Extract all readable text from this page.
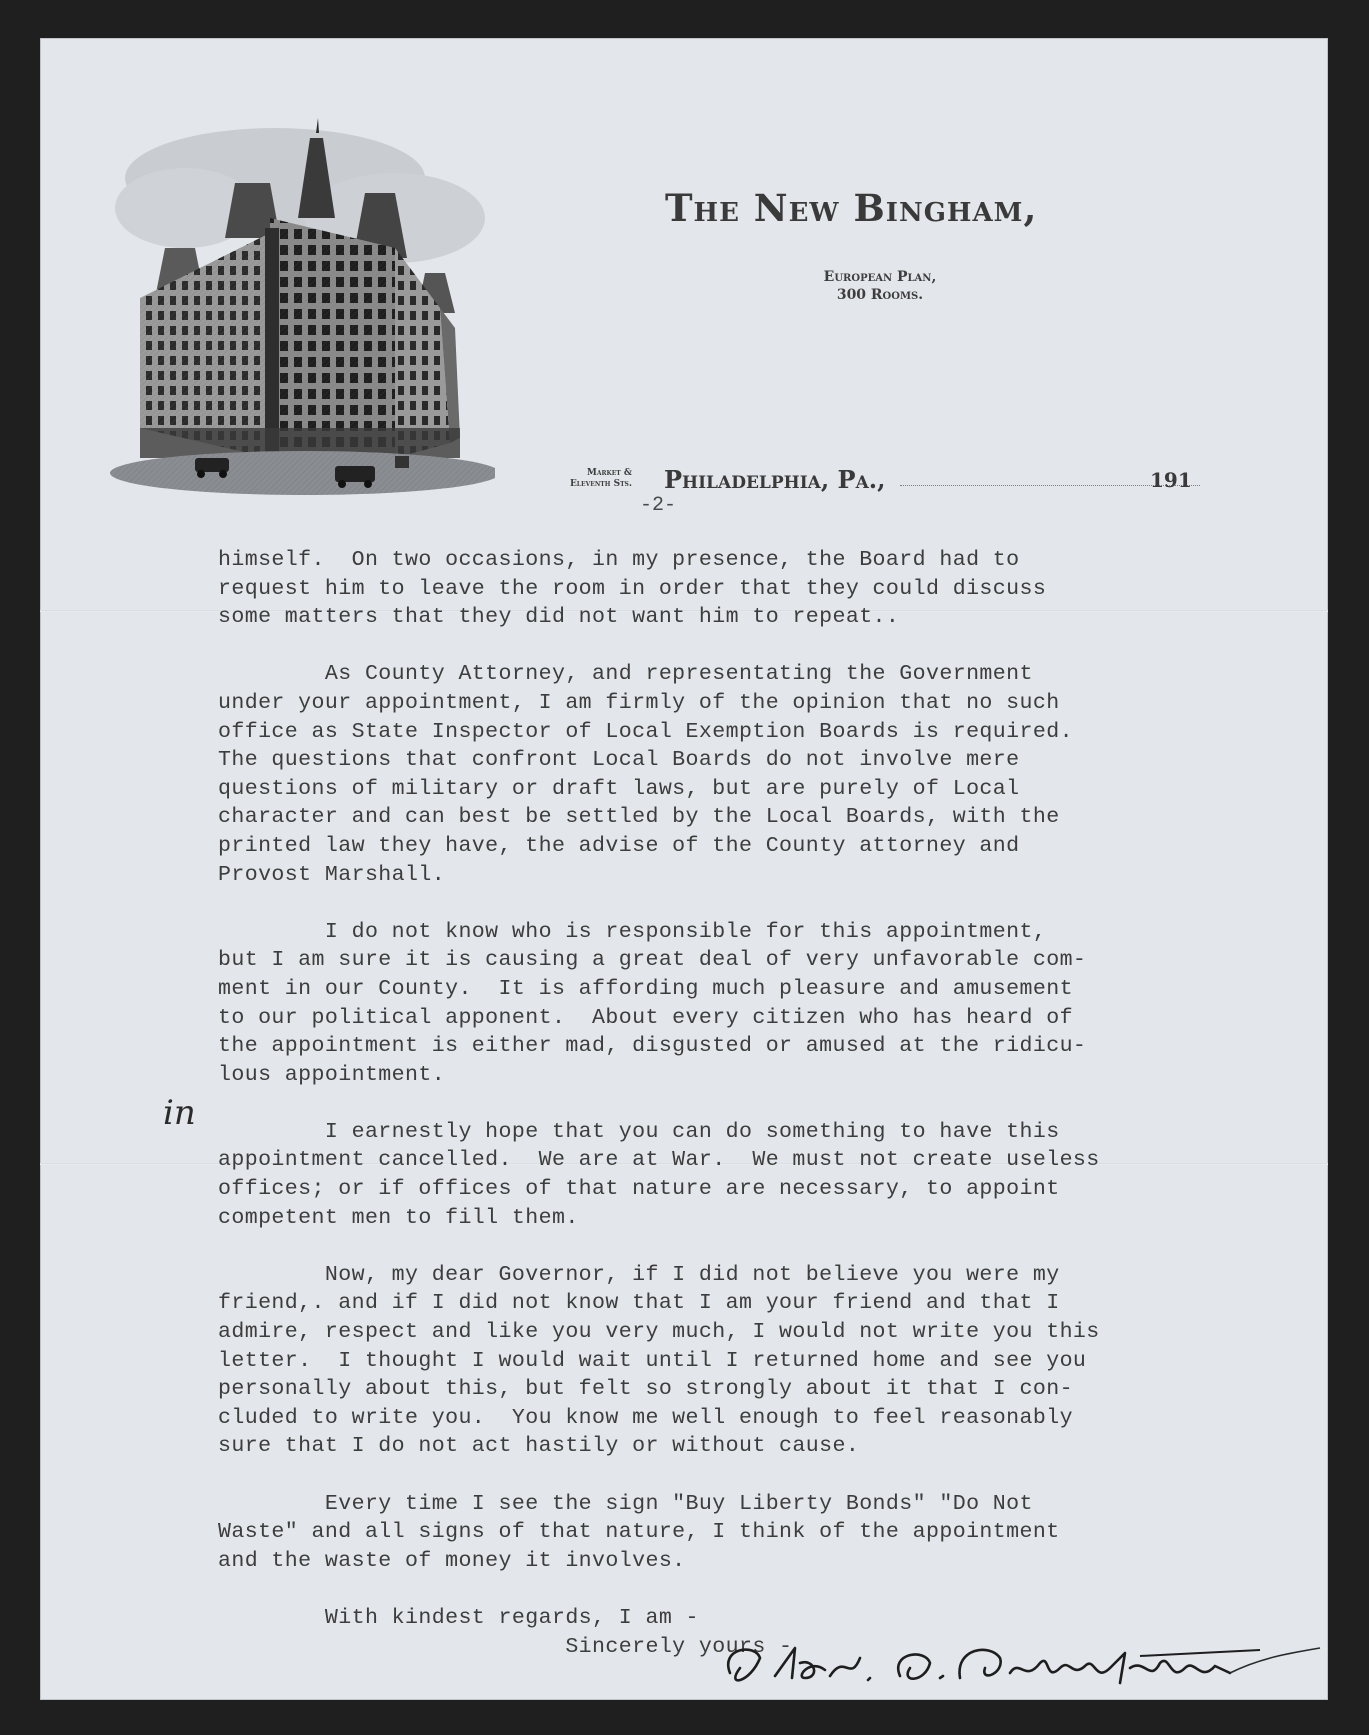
The New Bingham,
European Plan,
300 Rooms.
Market &
Eleventh Sts. Philadelphia, Pa.,	191
-2-
himself.  On two occasions, in my presence, the Board had to
request him to leave the room in order that they could discuss
some matters that they did not want him to repeat..
As County Attorney, and representating the Government
under your appointment, I am firmly of the opinion that no such
office as State Inspector of Local Exemption Boards is required.
The questions that confront Local Boards do not involve mere
questions of military or draft laws, but are purely of Local
character and can best be settled by the Local Boards, with the
printed law they have, the advise of the County attorney and
Provost Marshall.
I do not know who is responsible for this appointment,
but I am sure it is causing a great deal of very unfavorable com-
ment in our County.  It is affording much pleasure and amusement
to our political apponent.  About every citizen who has heard of
the appointment is either mad, disgusted or amused at the ridicu-
lous appointment.
I earnestly hope that you can do something to have this
appointment cancelled.  We are at War.  We must not create useless
offices; or if offices of that nature are necessary, to appoint
competent men to fill them.
Now, my dear Governor, if I did not believe you were my
friend,. and if I did not know that I am your friend and that I
admire, respect and like you very much, I would not write you this
letter.  I thought I would wait until I returned home and see you
personally about this, but felt so strongly about it that I con-
cluded to write you.  You know me well enough to feel reasonably
sure that I do not act hastily or without cause.
Every time I see the sign "Buy Liberty Bonds" "Do Not
Waste" and all signs of that nature, I think of the appointment
and the waste of money it involves.
With kindest regards, I am -
Sincerely yours -
in
